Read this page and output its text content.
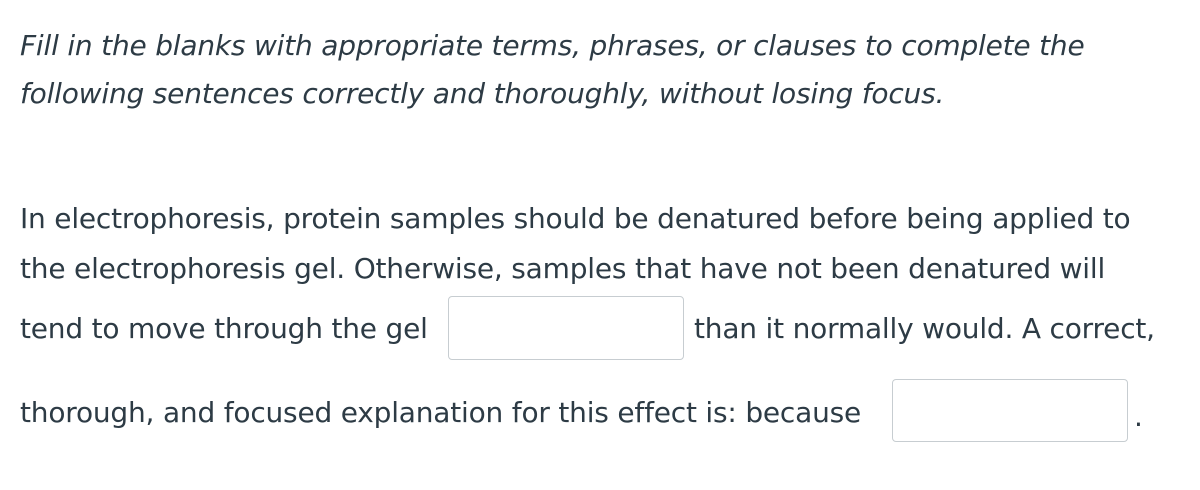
Fill in the blanks with appropriate terms, phrases, or clauses to complete the following sentences correctly and thoroughly, without losing focus.
In electrophoresis, protein samples should be denatured before being applied to
the electrophoresis gel. Otherwise, samples that have not been denatured will
tend to move through the gel	than it normally would. A correct,
thorough, and focused explanation for this effect is: because	.
